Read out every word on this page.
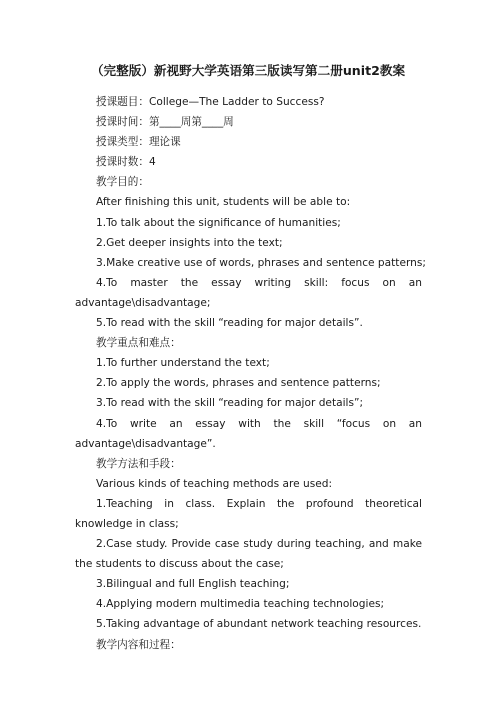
（完整版）新视野大学英语第三版读写第二册unit2教案

授课题目：College—The Ladder to Success?

授课时间：第____周第____周

授课类型：理论课

授课时数：4

教学目的：

After finishing this unit, students will be able to:

1.To talk about the significance of humanities;

2.Get deeper insights into the text;

3.Make creative use of words, phrases and sentence patterns;

4.To master the essay writing skill: focus on an advantage\disadvantage;

5.To read with the skill “reading for major details”.

教学重点和难点：

1.To further understand the text;

2.To apply the words, phrases and sentence patterns;

3.To read with the skill “reading for major details”;

4.To write an essay with the skill “focus on an advantage\disadvantage”.

教学方法和手段：

Various kinds of teaching methods are used:

1.Teaching in class. Explain the profound theoretical knowledge in class;

2.Case study. Provide case study during teaching, and make the students to discuss about the case;

3.Bilingual and full English teaching;

4.Applying modern multimedia teaching technologies;

5.Taking advantage of abundant network teaching resources.

教学内容和过程：
